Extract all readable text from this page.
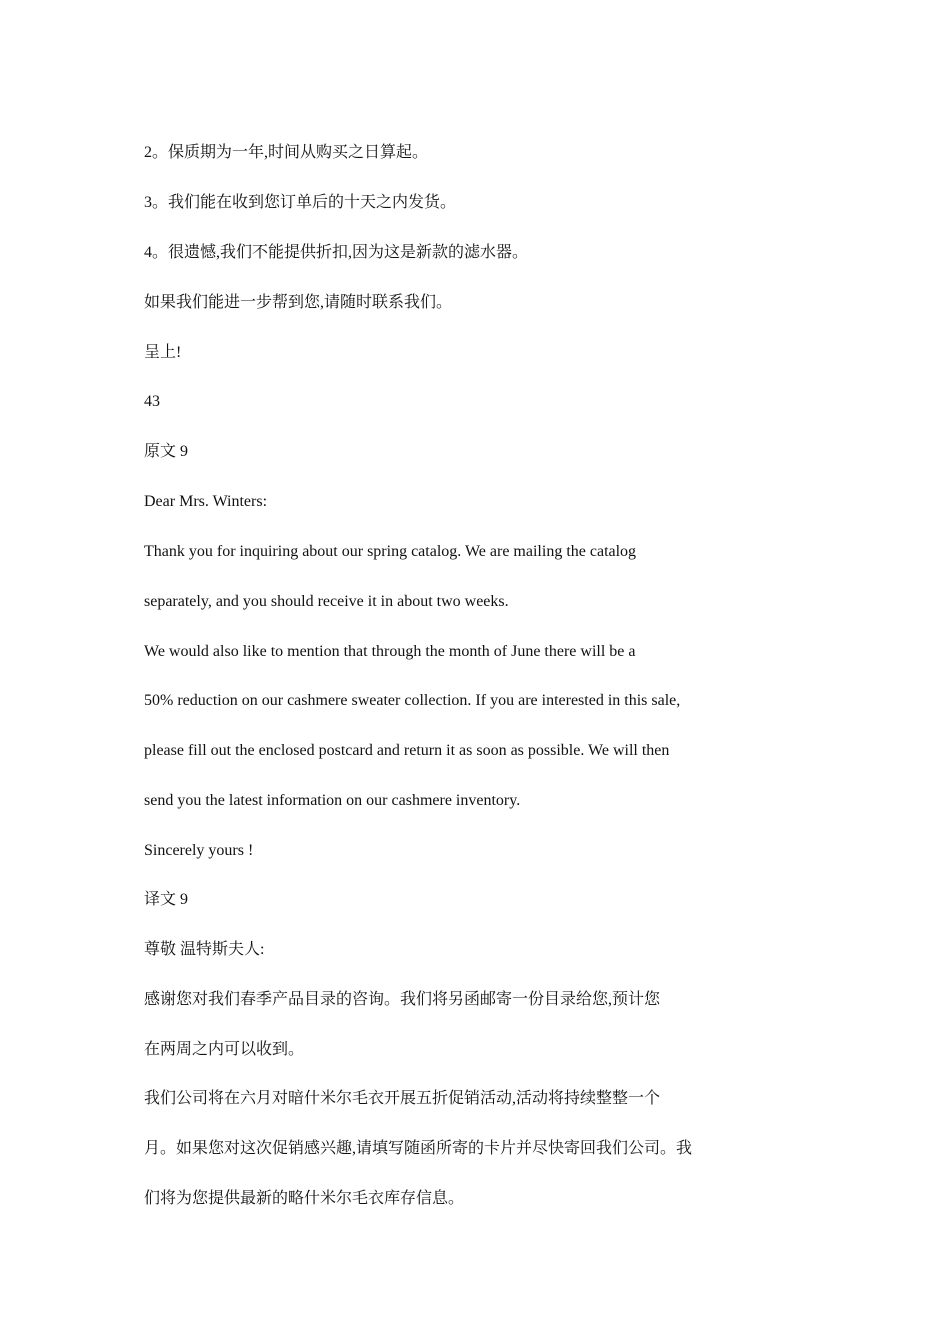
2。保质期为一年,时间从购买之日算起。

3。我们能在收到您订单后的十天之内发货。

4。很遗憾,我们不能提供折扣,因为这是新款的滤水器。

如果我们能进一步帮到您,请随时联系我们。

呈上!

43

原文 9

Dear Mrs. Winters:

Thank you for inquiring about our spring catalog. We are mailing the catalog

separately, and you should receive it in about two weeks.

We would also like to mention that through the month of June there will be a

50% reduction on our cashmere sweater collection. If you are interested in this sale,

please fill out the enclosed postcard and return it as soon as possible. We will then

send you the latest information on our cashmere inventory.

Sincerely yours !

译文 9

尊敬 温特斯夫人:

感谢您对我们春季产品目录的咨询。我们将另函邮寄一份目录给您,预计您

在两周之内可以收到。

我们公司将在六月对暗什米尔毛衣开展五折促销活动,活动将持续整整一个

月。如果您对这次促销感兴趣,请填写随函所寄的卡片并尽快寄回我们公司。我

们将为您提供最新的略什米尔毛衣库存信息。
